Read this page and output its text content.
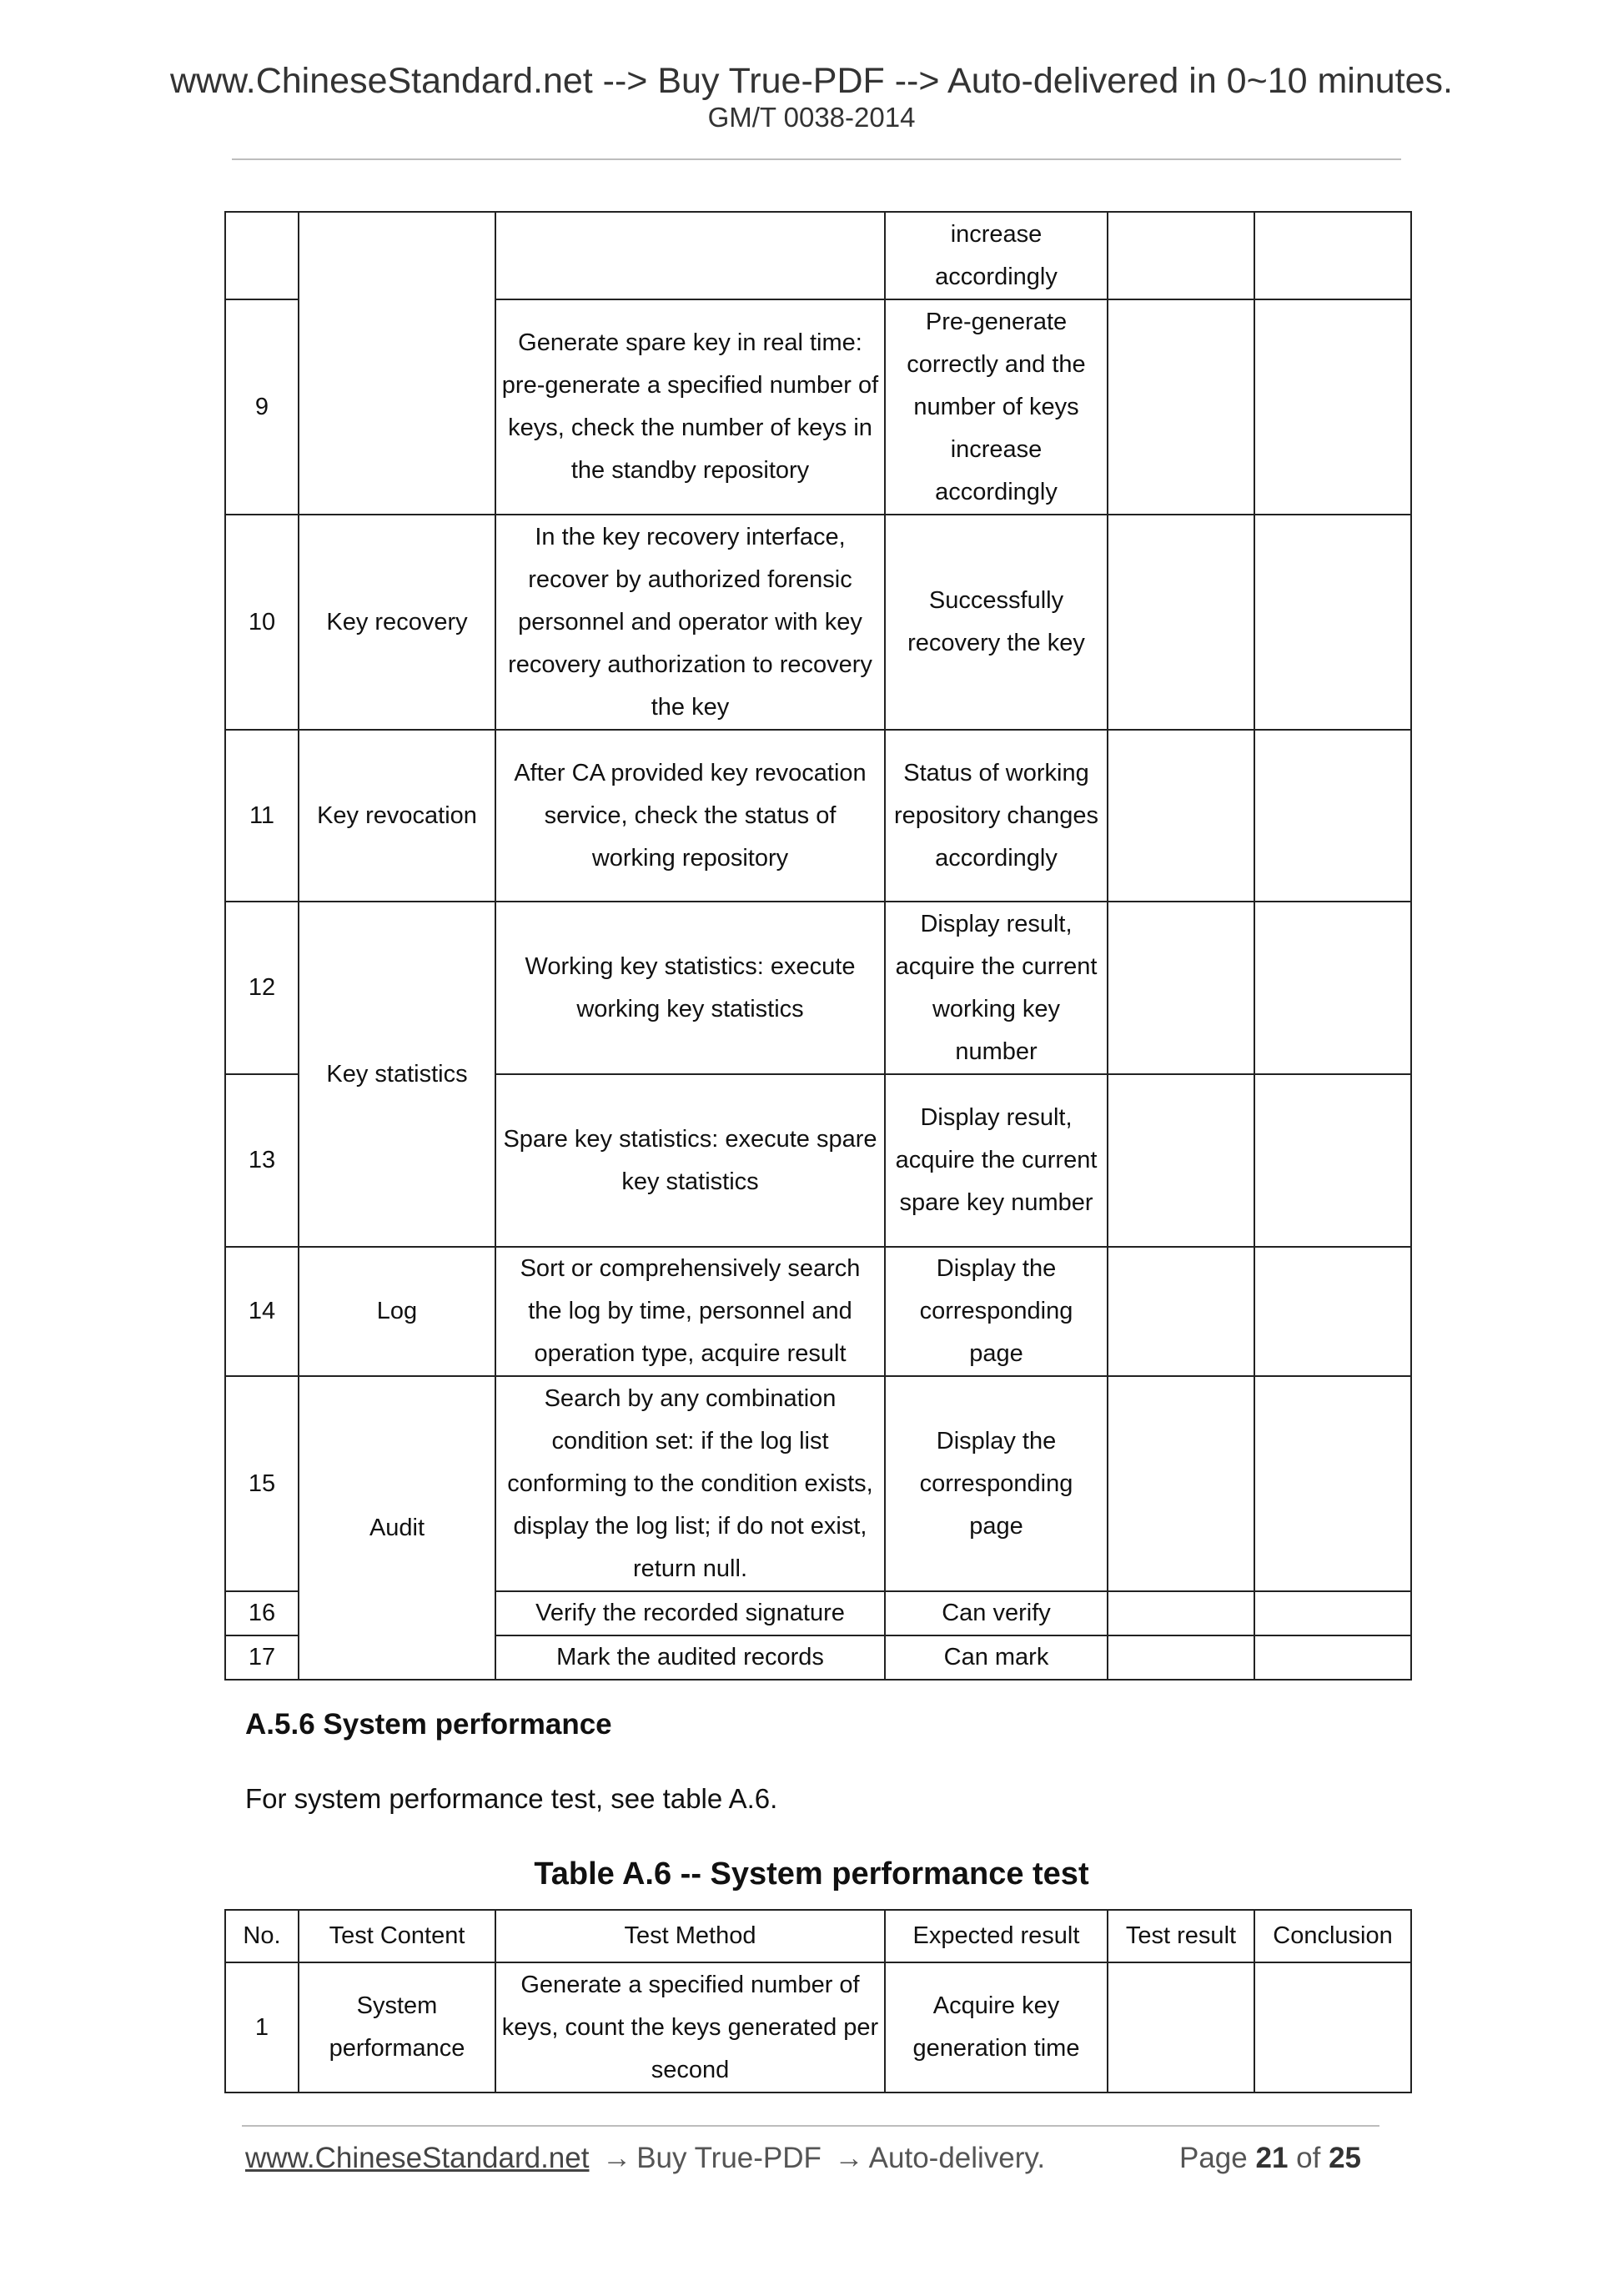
www.ChineseStandard.net --> Buy True-PDF --> Auto-delivered in 0~10 minutes.
GM/T 0038-2014
			increase accordingly		
9		Generate spare key in real time: pre-generate a specified number of keys, check the number of keys in the standby repository	Pre-generate correctly and the number of keys increase accordingly		
10	Key recovery	In the key recovery interface, recover by authorized forensic personnel and operator with key recovery authorization to recovery the key	Successfully recovery the key		
11	Key revocation	After CA provided key revocation service, check the status of working repository	Status of working repository changes accordingly		
12	Key statistics	Working key statistics: execute working key statistics	Display result, acquire the current working key number		
13		Spare key statistics: execute spare key statistics	Display result, acquire the current spare key number		
14	Log	Sort or comprehensively search the log by time, personnel and operation type, acquire result	Display the corresponding page		
15	Audit	Search by any combination condition set: if the log list conforming to the condition exists, display the log list; if do not exist, return null.	Display the corresponding page		
16		Verify the recorded signature	Can verify		
17		Mark the audited records	Can mark		
A.5.6 System performance
For system performance test, see table A.6.
Table A.6 -- System performance test
No.	Test Content	Test Method	Expected result	Test result	Conclusion
1	System performance	Generate a specified number of keys, count the keys generated per second	Acquire key generation time		
www.ChineseStandard.net → Buy True-PDF → Auto-delivery.	Page 21 of 25
